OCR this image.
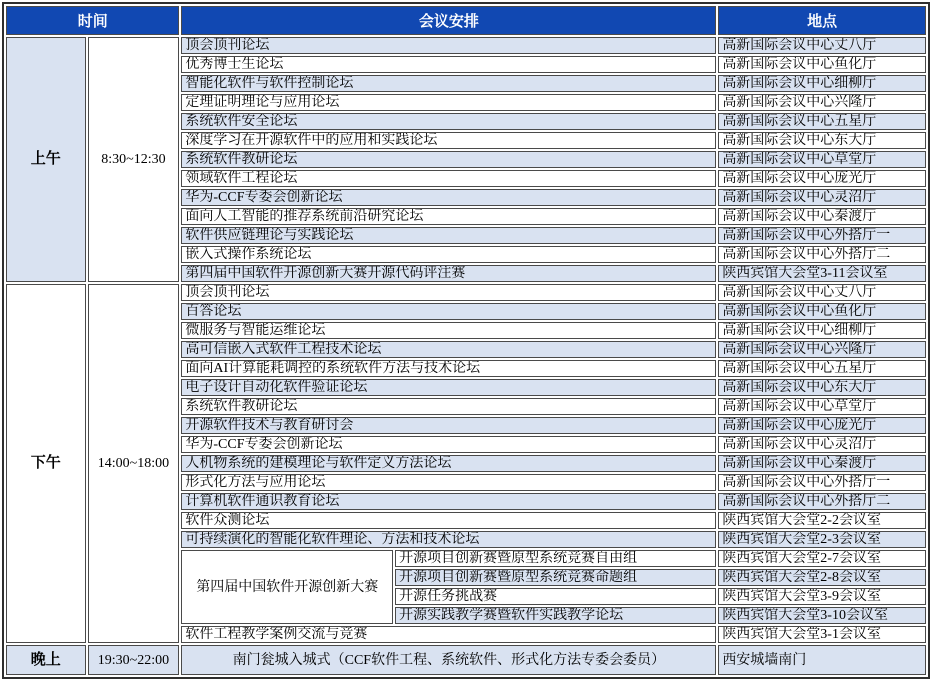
时间		会议安排		地点
上午	8:30~12:30	顶会顶刊论坛		高新国际会议中心丈八厅
		优秀博士生论坛		高新国际会议中心鱼化厅
		智能化软件与软件控制论坛		高新国际会议中心细柳厅
		定理证明理论与应用论坛		高新国际会议中心兴隆厅
		系统软件安全论坛		高新国际会议中心五星厅
		深度学习在开源软件中的应用和实践论坛		高新国际会议中心东大厅
		系统软件教研论坛		高新国际会议中心草堂厅
		领域软件工程论坛		高新国际会议中心庞光厅
		华为-CCF专委会创新论坛		高新国际会议中心灵沼厅
		面向人工智能的推荐系统前沿研究论坛		高新国际会议中心秦渡厅
		软件供应链理论与实践论坛		高新国际会议中心外搭厅一
		嵌入式操作系统论坛		高新国际会议中心外搭厅二
		第四届中国软件开源创新大赛开源代码评注赛		陕西宾馆大会堂3-11会议室
下午	14:00~18:00	顶会顶刊论坛		高新国际会议中心丈八厅
		百答论坛		高新国际会议中心鱼化厅
		微服务与智能运维论坛		高新国际会议中心细柳厅
		高可信嵌入式软件工程技术论坛		高新国际会议中心兴隆厅
		面向AI计算能耗调控的系统软件方法与技术论坛		高新国际会议中心五星厅
		电子设计自动化软件验证论坛		高新国际会议中心东大厅
		系统软件教研论坛		高新国际会议中心草堂厅
		开源软件技术与教育研讨会		高新国际会议中心庞光厅
		华为-CCF专委会创新论坛		高新国际会议中心灵沼厅
		人机物系统的建模理论与软件定义方法论坛		高新国际会议中心秦渡厅
		形式化方法与应用论坛		高新国际会议中心外搭厅一
		计算机软件通识教育论坛		高新国际会议中心外搭厅二
		软件众测论坛		陕西宾馆大会堂2-2会议室
		可持续演化的智能化软件理论、方法和技术论坛		陕西宾馆大会堂2-3会议室
		第四届中国软件开源创新大赛	开源项目创新赛暨原型系统竞赛自由组	陕西宾馆大会堂2-7会议室
			开源项目创新赛暨原型系统竞赛命题组	陕西宾馆大会堂2-8会议室
			开源任务挑战赛	陕西宾馆大会堂3-9会议室
			开源实践教学赛暨软件实践教学论坛	陕西宾馆大会堂3-10会议室
		软件工程教学案例交流与竞赛		陕西宾馆大会堂3-1会议室
晚上	19:30~22:00	南门瓮城入城式（CCF软件工程、系统软件、形式化方法专委会委员）		西安城墙南门
